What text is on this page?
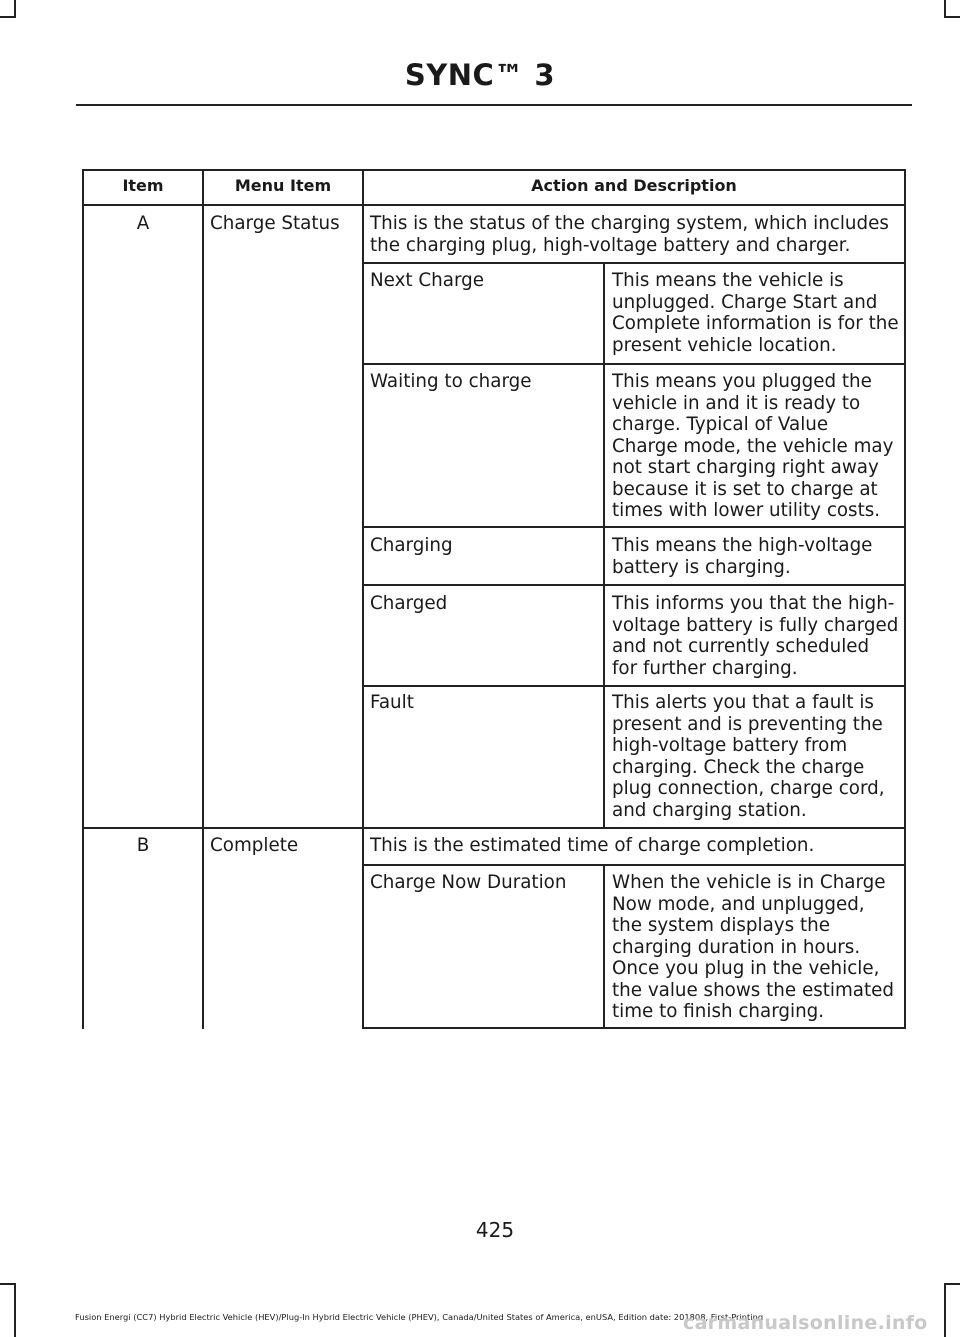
SYNC™ 3
Item	Menu Item	Action and Description
A	Charge Status	This is the status of the charging system, which includes the charging plug, high-voltage battery and charger.
Next Charge	This means the vehicle is unplugged. Charge Start and Complete information is for the present vehicle location.
Waiting to charge	This means you plugged the vehicle in and it is ready to charge. Typical of Value Charge mode, the vehicle may not start charging right away because it is set to charge at times with lower utility costs.
Charging	This means the high-voltage battery is charging.
Charged	This informs you that the high-voltage battery is fully charged and not currently scheduled for further charging.
Fault	This alerts you that a fault is present and is preventing the high-voltage battery from charging. Check the charge plug connection, charge cord, and charging station.
B	Complete	This is the estimated time of charge completion.
Charge Now Duration	When the vehicle is in Charge Now mode, and unplugged, the system displays the charging duration in hours. Once you plug in the vehicle, the value shows the estimated time to finish charging.
425
Fusion Energi (CC7) Hybrid Electric Vehicle (HEV)/Plug-In Hybrid Electric Vehicle (PHEV), Canada/United States of America, enUSA, Edition date: 201808, First-Printing
carmanualsonline.info
